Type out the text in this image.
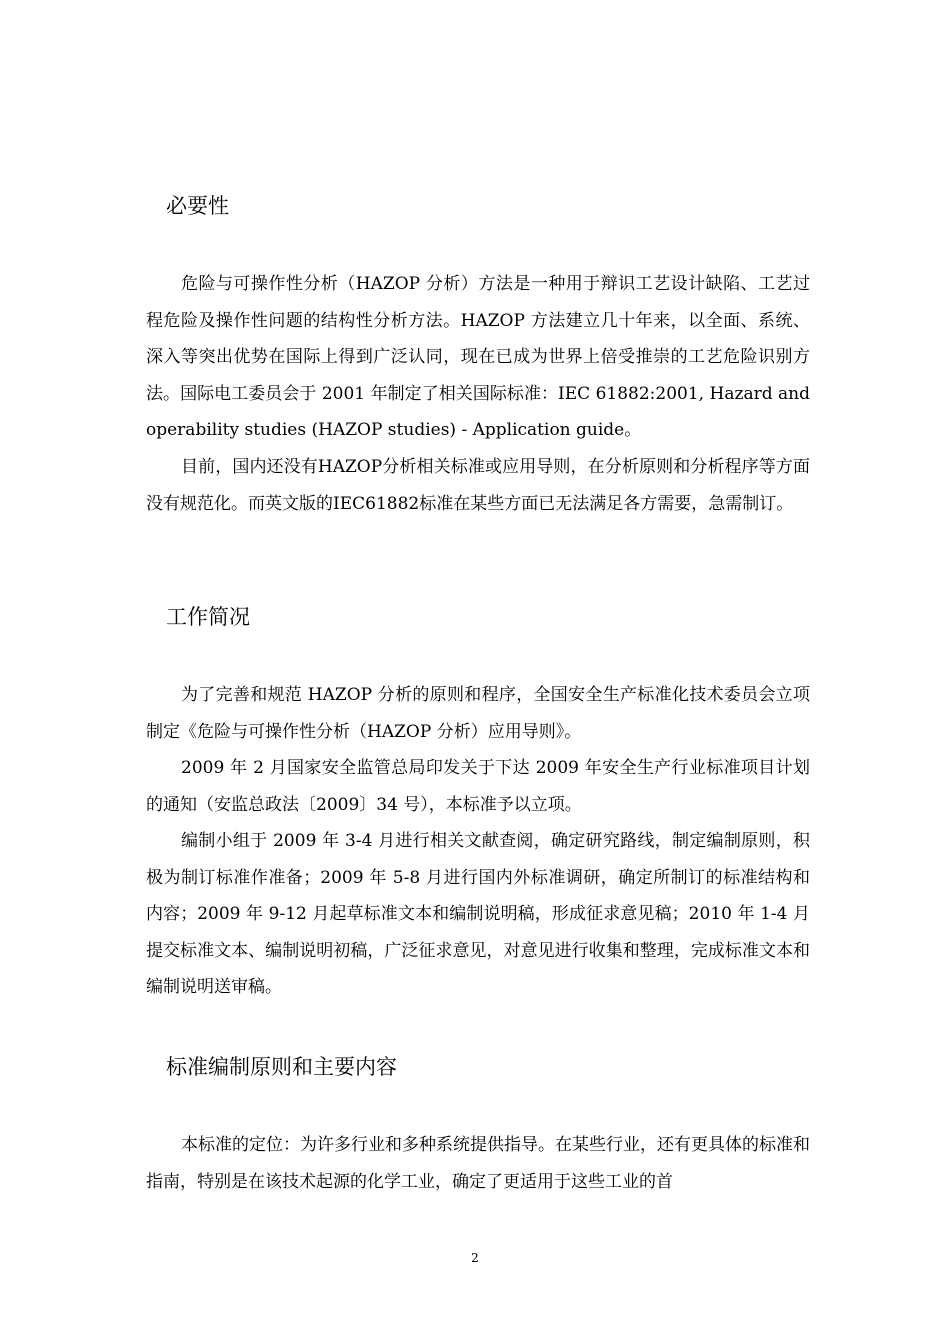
必要性

危险与可操作性分析（HAZOP 分析）方法是一种用于辩识工艺设计缺陷、工艺过程危险及操作性问题的结构性分析方法。HAZOP 方法建立几十年来，以全面、系统、深入等突出优势在国际上得到广泛认同，现在已成为世界上倍受推崇的工艺危险识别方法。国际电工委员会于 2001 年制定了相关国际标准：IEC 61882:2001, Hazard and operability studies (HAZOP studies) - Application guide。

目前，国内还没有HAZOP分析相关标准或应用导则，在分析原则和分析程序等方面没有规范化。而英文版的IEC61882标准在某些方面已无法满足各方需要，急需制订。

工作简况

为了完善和规范 HAZOP 分析的原则和程序，全国安全生产标准化技术委员会立项制定《危险与可操作性分析（HAZOP 分析）应用导则》。

2009 年 2 月国家安全监管总局印发关于下达 2009 年安全生产行业标准项目计划的通知（安监总政法〔2009〕34 号），本标准予以立项。

编制小组于 2009 年 3-4 月进行相关文献查阅，确定研究路线，制定编制原则，积极为制订标准作准备；2009 年 5-8 月进行国内外标准调研，确定所制订的标准结构和内容；2009 年 9-12 月起草标准文本和编制说明稿，形成征求意见稿；2010 年 1-4 月提交标准文本、编制说明初稿，广泛征求意见，对意见进行收集和整理，完成标准文本和编制说明送审稿。

标准编制原则和主要内容

本标准的定位：为许多行业和多种系统提供指导。在某些行业，还有更具体的标准和指南，特别是在该技术起源的化学工业，确定了更适用于这些工业的首

2
